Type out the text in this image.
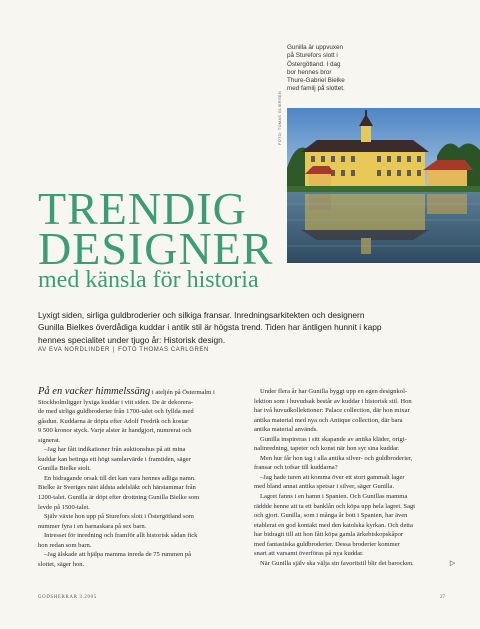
Gunilla är uppvuxen
på Sturefors slott i
Östergötland. I dag
bor hennes bror
Thure-Gabriel Bielke
med familj på slottet.
FOTO: TOMAS GLIERSEN
TRENDIG
DESIGNER
med känsla för historia
Lyxigt siden, sirliga guldbroderier och silkiga fransar. Inredningsarkitekten och designern
Gunilla Bielkes överdådiga kuddar i antik stil är högsta trend. Tiden har äntligen hunnit i kapp
hennes specialitet under tjugo år: Historisk design.
AV EVA NORDLINDER | FOTO THOMAS CARLGREN
På en vacker himmelssäng i ateljén på Östermalm i
Stockholmligger lyxiga kuddar i vitt siden. De är dekorera-
de med sirliga guldbroderier från 1700-talet och fyllda med
gåsdun. Kuddarna är döpta efter Adolf Fredrik och kostar
9 500 kronor styck. Varje alster är handgjort, numrerat och
signerat.
–Jag har fått indikationer från auktionshus på att mina
kuddar kan betinga ett högt samlarvärde i framtiden, säger
Gunilla Bielke stolt.
En bidragande orsak till det kan vara hennes adliga namn.
Bielke är Sveriges näst äldsta adelsläkt och härstammar från
1200-talet. Gunilla är döpt efter drottning Gunilla Bielke som
levde på 1500-talet.
Själv växte hon upp på Sturefors slott i Östergötland som
nummer fyra i en barnaskara på sex barn.
Intresset för inredning och framför allt historisk sådan fick
hon redan som barn.
–Jag älskade att hjälpa mamma inreda de 75 rummen på
slottet, säger hon.
Under flera år har Gunilla byggt upp en egen designkol-
lektion som i huvudsak består av kuddar i historisk stil. Hon
har två huvudkollektioner: Palace collection, där hon mixar
antika material med nya och Antique collection, där bara
antika material används.
Gunilla inspireras i sitt skapande av antika kläder, origi-
nalinredning, tapeter och konst när hon syr sina kuddar.
Men hur får hon tag i alla antika silver- och guldbroderier,
fransar och tofsar till kuddarna?
–Jag hade turen att komma över ett stort gammalt lager
med bland annat antika spetsar i silver, säger Gunilla.
Lagret fanns i en hamn i Spanien. Och Gunillas mamma
räddde henne att ta ett banklån och köpa upp hela lagret. Sagt
och gjort. Gunilla, som i många år bott i Spanien, har även
etablerat en god kontakt med den katolska kyrkan. Och detta
har bidragit till att hon fått köpa gamla ärkebiskopskåpor
med fantastiska guldbroderier. Dessa broderier kommer
snart att varsamt överföras på nya kuddar.
När Gunilla själv ska välja sin favoritstil blir det barocken.	▷
GODSHERRAR 3.2005	27
